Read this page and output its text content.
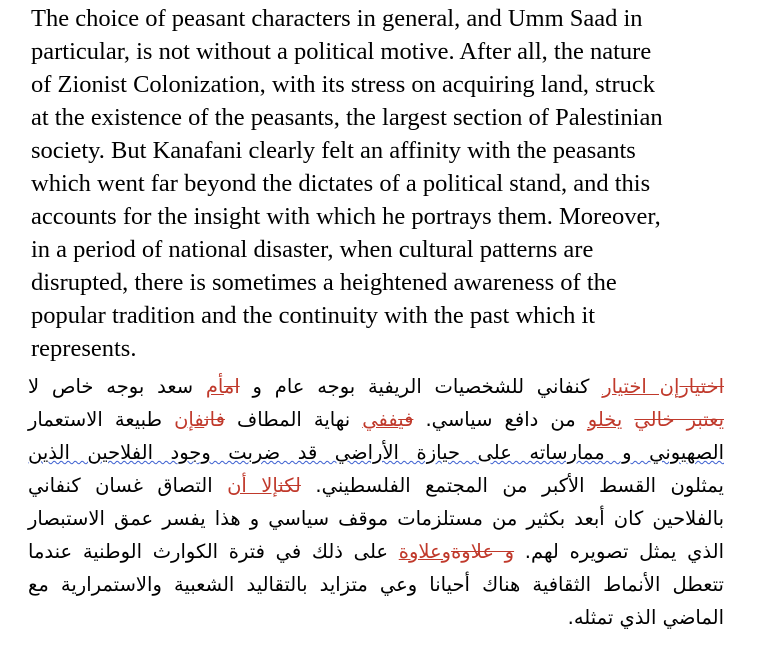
The choice of peasant characters in general, and Umm Saad in
particular, is not without a political motive. After all, the nature
of Zionist Colonization, with its stress on acquiring land, struck
at the existence of the peasants, the largest section of Palestinian
society. But Kanafani clearly felt an affinity with the peasants
which went far beyond the dictates of a political stand, and this
accounts for the insight with which he portrays them. Moreover,
in a period of national disaster, when cultural patterns are
disrupted, there is sometimes a heightened awareness of the
popular tradition and the continuity with the past which it
represents.
اختيارإن اختيار كنفاني للشخصيات الريفية بوجه عام و امأم سعد بوجه خاص لا
يعتبر خالي يخلو من دافع سياسي. فيففي نهاية المطاف فانفإن طبيعة الاستعمار
الصهيوني و ممارساته على حيازة الأراضي قد ضربت وجود الفلاحين الذين
يمثلون القسط الأكبر من المجتمع الفلسطيني. لكنإلا أن التصاق غسان كنفاني
بالفلاحين كان أبعد بكثير من مستلزمات موقف سياسي و هذا يفسر عمق الاستبصار
الذي يمثل تصويره لهم. و علاوةوعلاوة على ذلك في فترة الكوارث الوطنية عندما
تتعطل الأنماط الثقافية هناك أحيانا وعي متزايد بالتقاليد الشعبية والاستمرارية مع
الماضي الذي تمثله.
